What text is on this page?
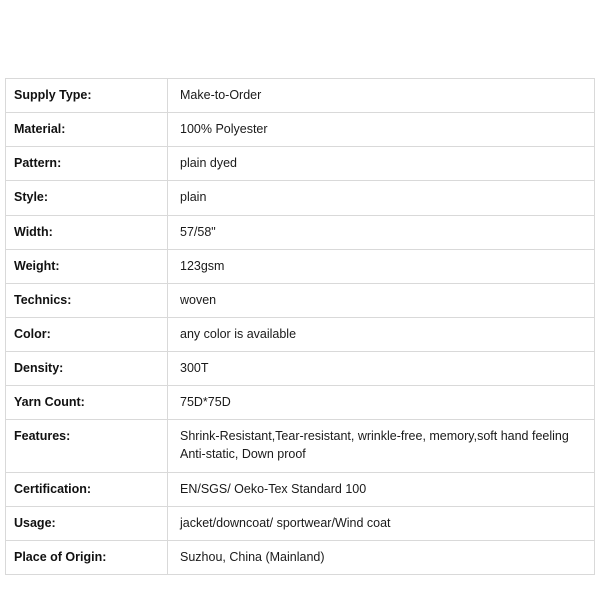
Supply Type:	Make-to-Order

Material:	100% Polyester

Pattern:	plain dyed

Style:	plain

Width:	57/58"

Weight:	123gsm

Technics:	woven

Color:	any color is available

Density:	300T

Yarn Count:	75D*75D

Features:	Shrink-Resistant,Tear-resistant, wrinkle-free, memory,soft hand feeling
Anti-static, Down proof

Certification:	EN/SGS/ Oeko-Tex Standard 100

Usage:	jacket/downcoat/ sportwear/Wind coat

Place of Origin:	Suzhou, China (Mainland)
